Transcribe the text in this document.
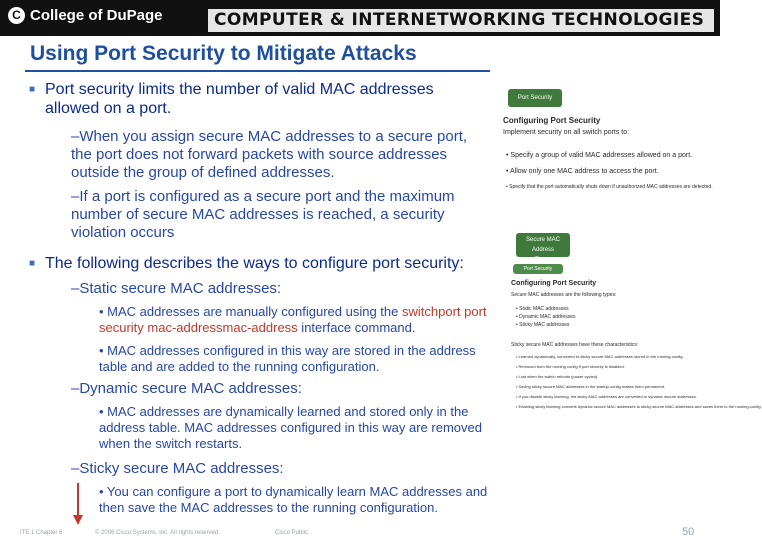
C College of DuPage	COMPUTER & INTERNETWORKING TECHNOLOGIES
Using Port Security to Mitigate Attacks
■ Port security limits the number of valid MAC addresses
allowed on a port.
–When you assign secure MAC addresses to a secure port,
the port does not forward packets with source addresses
outside the group of defined addresses.
–If a port is configured as a secure port and the maximum
number of secure MAC addresses is reached, a security
violation occurs
■ The following describes the ways to configure port security:
–Static secure MAC addresses:
• MAC addresses are manually configured using the switchport port
security mac-addressmac-address interface command.
• MAC addresses configured in this way are stored in the address
table and are added to the running configuration.
–Dynamic secure MAC addresses:
• MAC addresses are dynamically learned and stored only in the
address table. MAC addresses configured in this way are removed
when the switch restarts.
–Sticky secure MAC addresses:
• You can configure a port to dynamically learn MAC addresses and
then save the MAC addresses to the running configuration.
Port Security
Configuring Port Security
Implement security on all switch ports to:
• Specify a group of valid MAC addresses allowed on a port.
• Allow only one MAC address to access the port.
• Specify that the port automatically shuts down if unauthorized MAC addresses are detected.
Secure MAC Address
Types
Port Security
Configuring Port Security
Secure MAC addresses are the following types:
• Static MAC addresses
• Dynamic MAC addresses
• Sticky MAC addresses
Sticky secure MAC addresses have these characteristics:
• Learned dynamically, converted to sticky secure MAC addresses stored in the running-config.
• Removed from the running config if port security is disabled.
• Lost when the switch reboots (power cycled).
• Saving sticky secure MAC addresses in the startup-config makes them permanent.
• If you disable sticky learning, the sticky MAC addresses are converted to dynamic secure addresses.
• Enabling sticky learning converts dynamic secure MAC addresses to sticky secure MAC addresses and saves them to the running-config.
ITE 1 Chapter 6	© 2006 Cisco Systems, Inc. All rights reserved.	Cisco Public	50
